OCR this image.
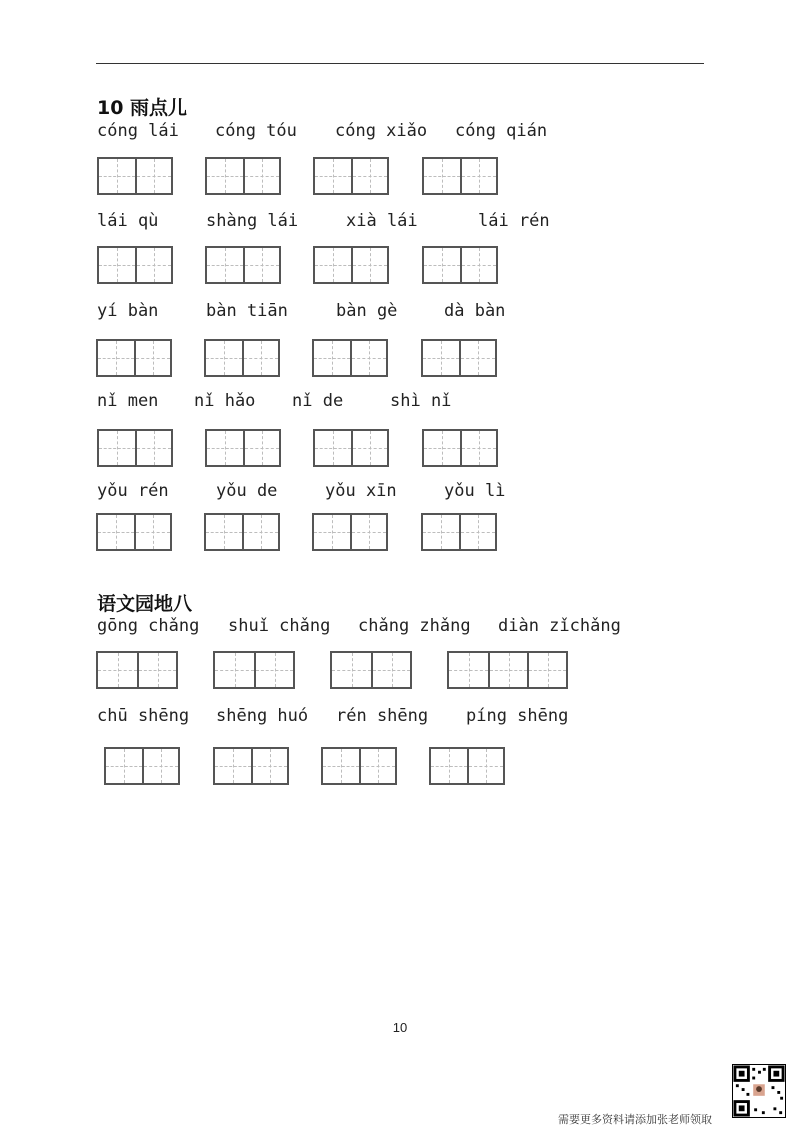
10 雨点儿
cóng lái cóng tóu cóng xiǎo cóng qián
lái qù	shàng lái	xià lái	lái rén
yí bàn	bàn tiān	bàn gè	dà bàn
nǐ men nǐ hǎo nǐ de	shì nǐ
yǒu rén	yǒu de	yǒu xīn	yǒu lì
语文园地八
gōng chǎng shuǐ chǎng chǎng zhǎng diàn zǐchǎng
chū shēng shēng huó rén shēng píng shēng
10
需要更多资料请添加张老师领取
